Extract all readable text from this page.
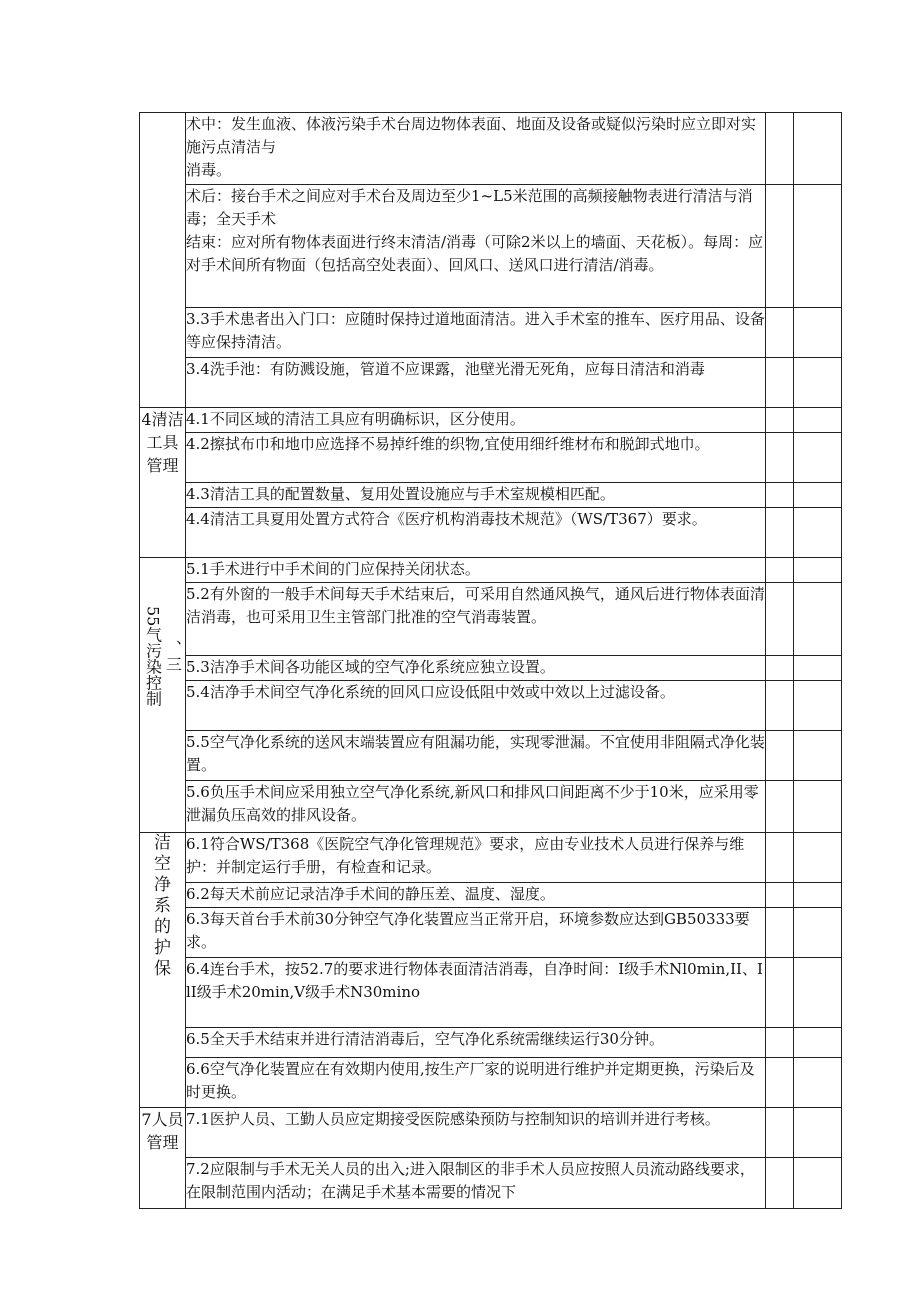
	术中：发生血液、体液污染手术台周边物体表面、地面及设备或疑似污染时应立即对实施污点清洁与
消毒。		

	术后：接台手术之间应对手术台及周边至少1~L5米范围的高频接触物表进行清洁与消毒；全天手术
结束：应对所有物体表面进行终末清洁/消毒（可除2米以上的墙面、天花板）。每周：应对手术间所有物面（包括高空处表面）、回风口、送风口进行清洁/消毒。		

	3.3手术患者出入门口：应随时保持过道地面清洁。进入手术室的推车、医疗用品、设备等应保持清洁。		

	3.4洗手池：有防溅设施，管道不应课露，池壁光滑无死角，应每日清洁和消毒		

4清洁工具管理	4.1不同区域的清洁工具应有明确标识，区分使用。		

	4.2擦拭布巾和地巾应选择不易掉纤维的织物,宜使用细纤维材布和脱卸式地巾。		

	4.3清洁工具的配置数量、复用处置设施应与手术室规模相匹配。		

	4.4清洁工具夏用处置方式符合《医疗机构消毒技术规范》（WS/T367）要求。		

、三
55气污染控制	5.1手术进行中手术间的门应保持关闭状态。		

	5.2有外窗的一般手术间每天手术结束后，可采用自然通风换气，通风后进行物体表面清洁消毒，也可采用卫生主管部门批准的空气消毒装置。		

	5.3洁净手术间各功能区域的空气净化系统应独立设置。		

	5.4洁净手术间空气净化系统的回风口应设低阻中效或中效以上过滤设备。		

	5.5空气净化系统的送风末端装置应有阻漏功能，实现零泄漏。不宜使用非阻隔式净化装置。		

	5.6负压手术间应采用独立空气净化系统,新风口和排风口间距离不少于10米，应采用零泄漏负压高效的排风设备。		

洁空净系的护保	6.1符合WS/T368《医院空气净化管理规范》要求，应由专业技术人员进行保养与维护：并制定运行手册，有检查和记录。		

	6.2每天术前应记录洁净手术间的静压差、温度、湿度。		

	6.3每天首台手术前30分钟空气净化装置应当正常开启，环境参数应达到GB50333要求。		

	6.4连台手术，按52.7的要求进行物体表面清洁消毒，自净时间：I级手术Nl0min,II、IlI级手术20min,V级手术N30mino		

	6.5全天手术结束并进行清洁消毒后，空气净化系统需继续运行30分钟。		

	6.6空气净化装置应在有效期内使用,按生产厂家的说明进行维护并定期更换，污染后及时更换。		

7人员管理	7.1医护人员、工勤人员应定期接受医院感染预防与控制知识的培训并进行考核。		

	7.2应限制与手术无关人员的出入;进入限制区的非手术人员应按照人员流动路线要求，在限制范围内活动；在满足手术基本需要的情况下		
